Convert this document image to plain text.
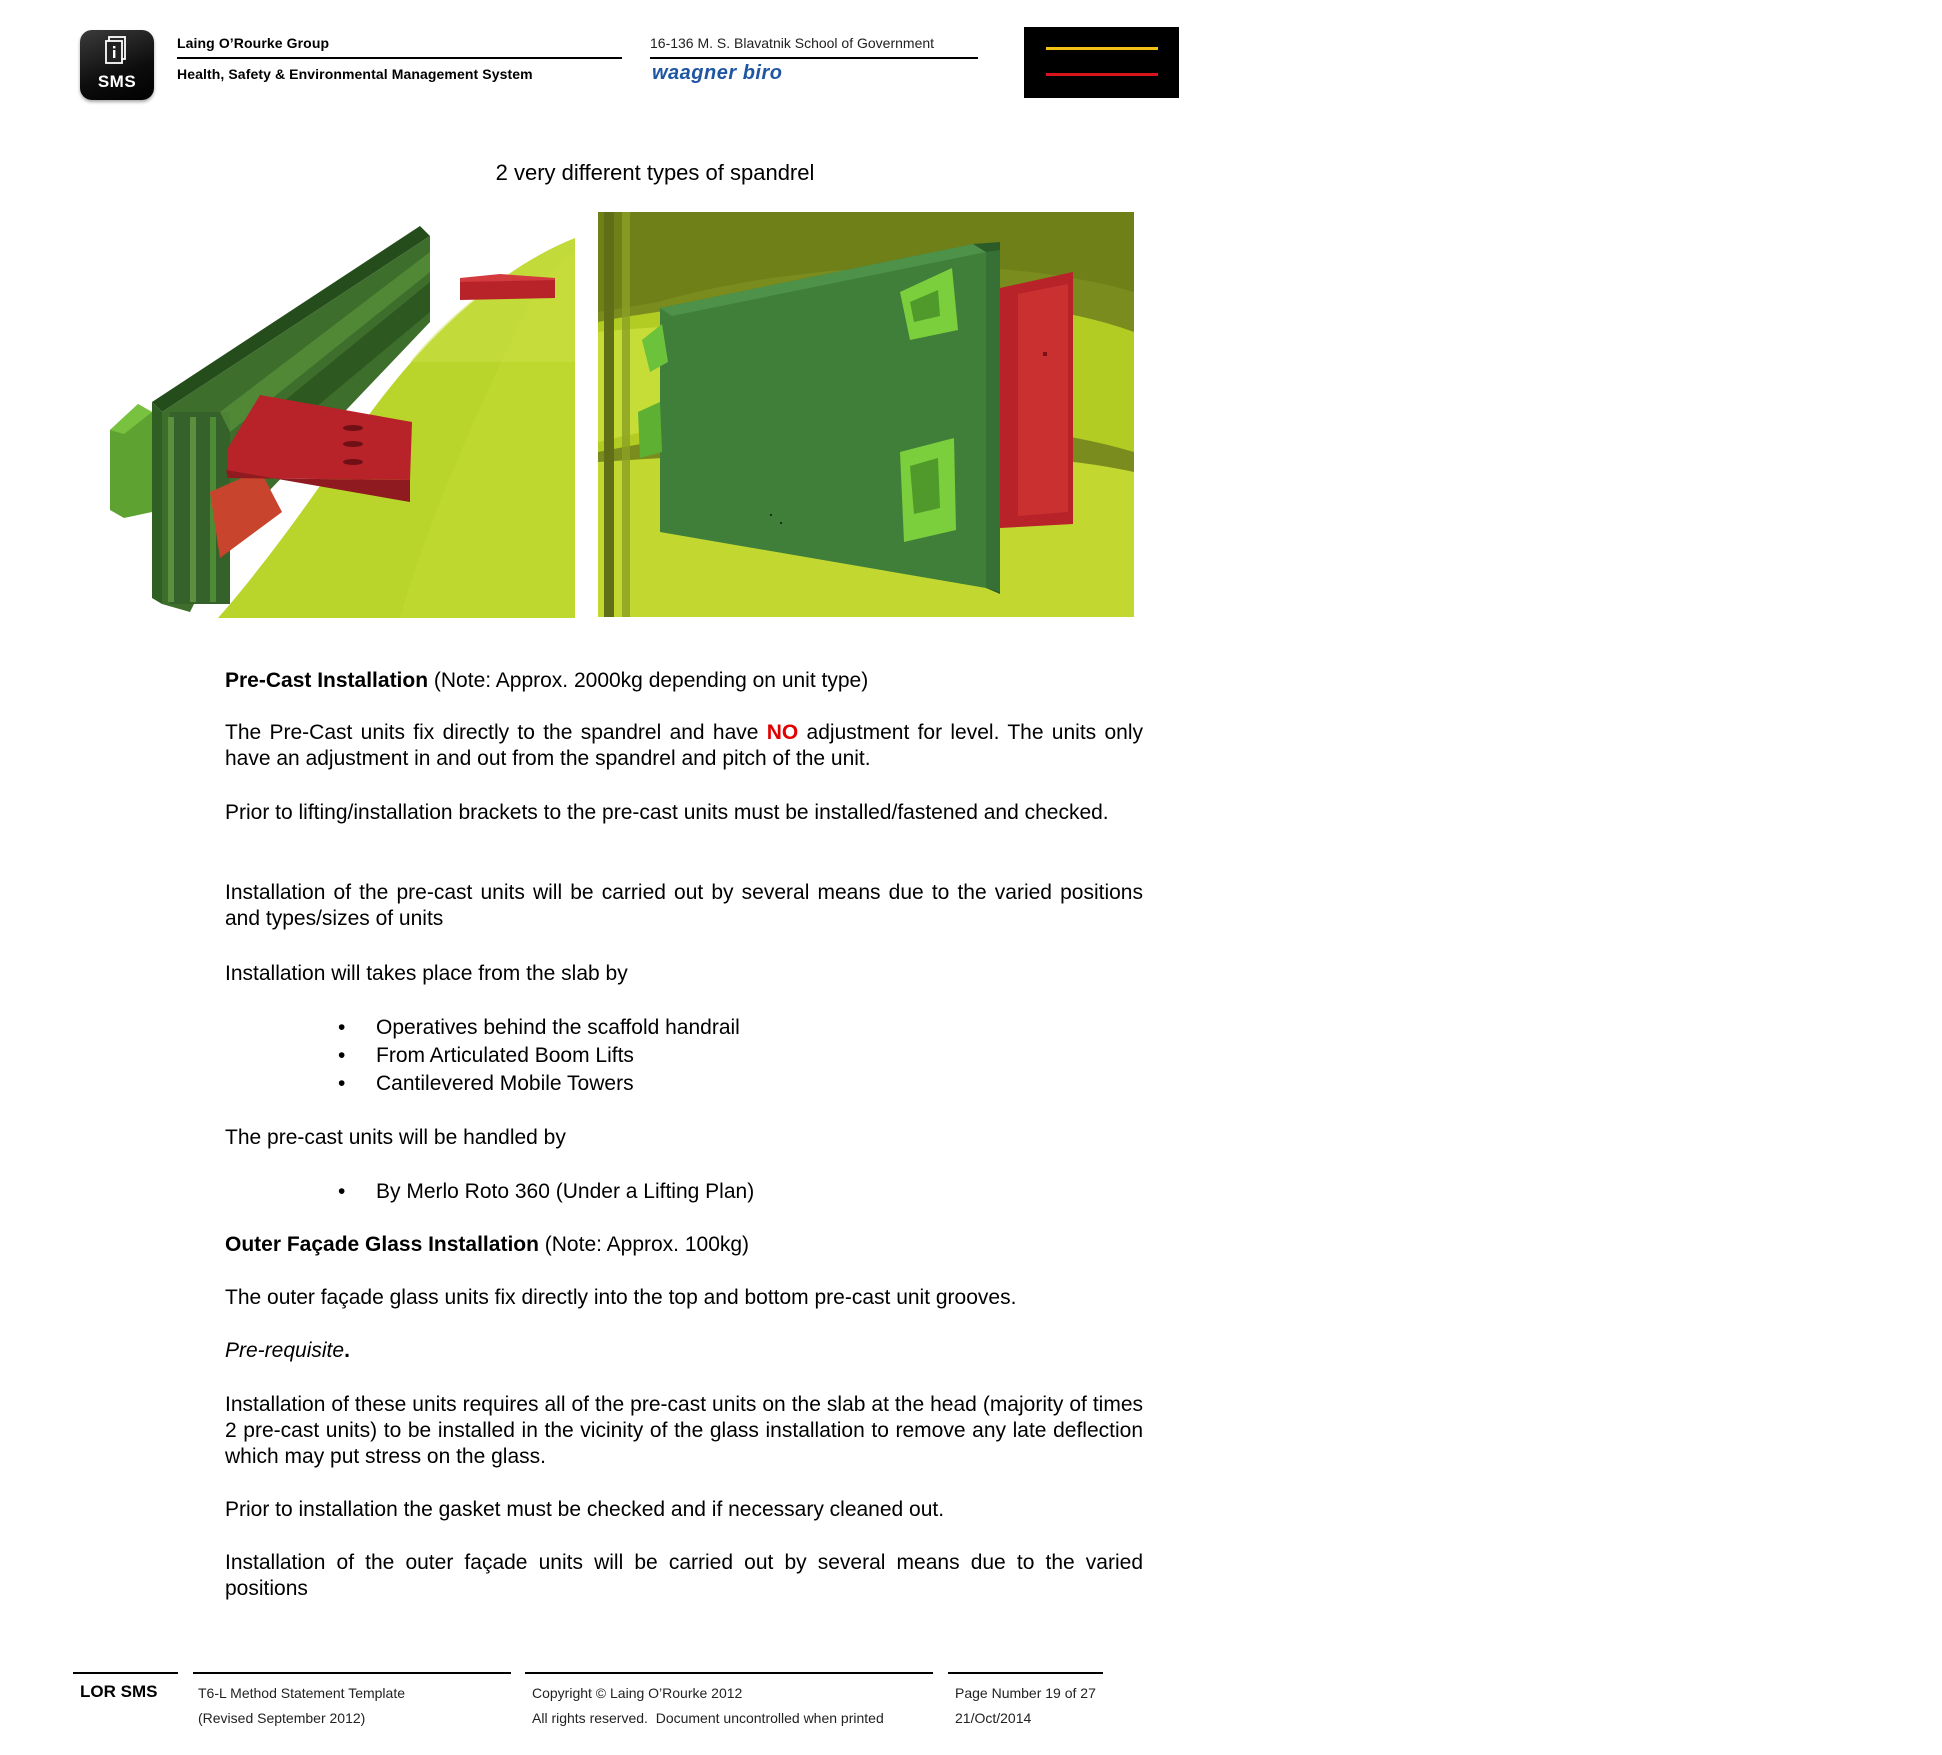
SMS
Laing O’Rourke Group
Health, Safety & Environmental Management System
16-136 M. S. Blavatnik School of Government
waagner biro	LAING O’ROURKE
2 very different types of spandrel
Pre-Cast Installation (Note: Approx. 2000kg depending on unit type)
The Pre-Cast units fix directly to the spandrel and have NO adjustment for level. The units only have an adjustment in and out from the spandrel and pitch of the unit.
Prior to lifting/installation brackets to the pre-cast units must be installed/fastened and checked.
Installation of the pre-cast units will be carried out by several means due to the varied positions and types/sizes of units
Installation will takes place from the slab by
• Operatives behind the scaffold handrail
• From Articulated Boom Lifts
• Cantilevered Mobile Towers
The pre-cast units will be handled by
• By Merlo Roto 360 (Under a Lifting Plan)
Outer Façade Glass Installation (Note: Approx. 100kg)
The outer façade glass units fix directly into the top and bottom pre-cast unit grooves.
Pre-requisite.
Installation of these units requires all of the pre-cast units on the slab at the head (majority of times 2 pre-cast units) to be installed in the vicinity of the glass installation to remove any late deflection which may put stress on the glass.
Prior to installation the gasket must be checked and if necessary cleaned out.
Installation of the outer façade units will be carried out by several means due to the varied positions
LOR SMS	T6-L Method Statement Template
(Revised September 2012)
Copyright © Laing O’Rourke 2012
All rights reserved.  Document uncontrolled when printed
Page Number 19 of 27
21/Oct/2014
